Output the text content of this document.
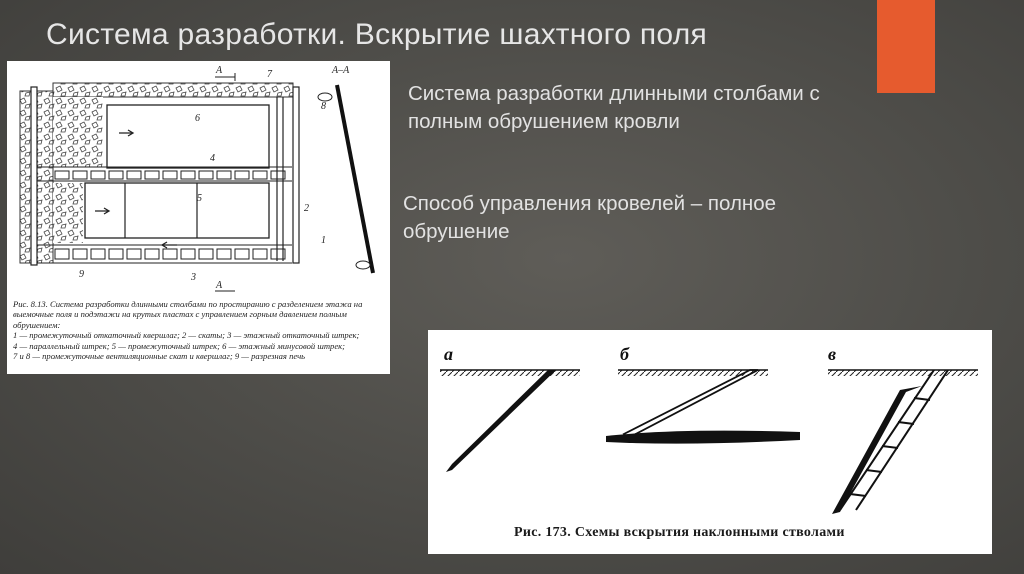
Система разработки. Вскрытие шахтного поля

Система разработки длинными столбами с полным обрушением кровли

Способ управления кровелей – полное обрушение

А
А
А–А
1
2
3
4
5
6
7
8
9
Рис. 8.13. Система разработки длинными столбами по простиранию с разделением этажа на выемочные поля и подэтажи на крутых пластах с управлением горным давлением полным обрушением:
1 — промежуточный откаточный квершлаг; 2 — скаты; 3 — этажный откаточный штрек;
4 — параллельный штрек; 5 — промежуточный штрек; 6 — этажный минусовой штрек;
7 и 8 — промежуточные вентиляционные скат и квершлаг; 9 — разрезная печь	а	б	в
Рис. 173. Схемы вскрытия наклонными стволами
